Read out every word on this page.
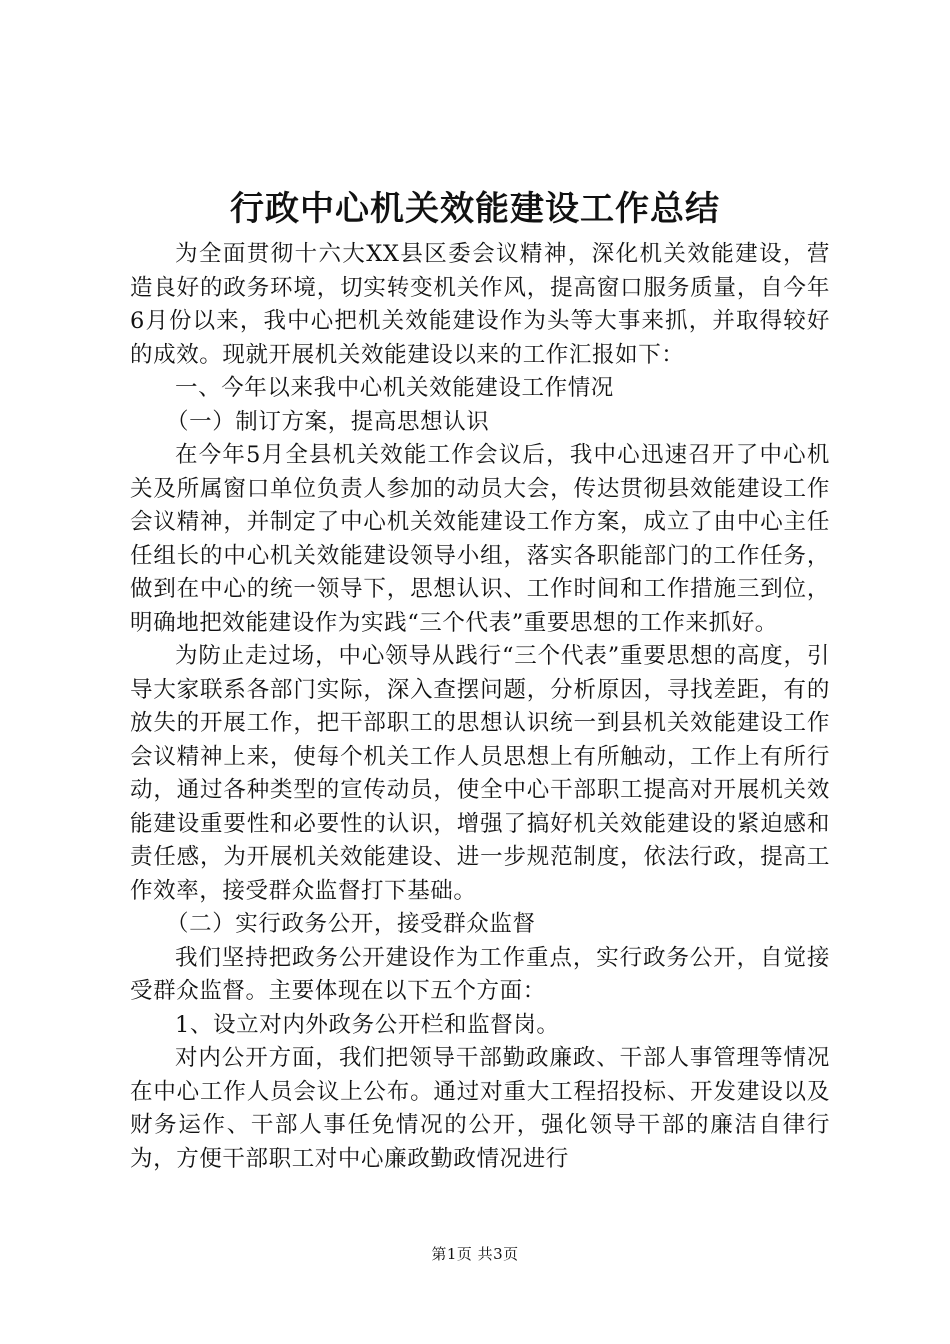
行政中心机关效能建设工作总结

为全面贯彻十六大XX县区委会议精神，深化机关效能建设，营造良好的政务环境，切实转变机关作风，提高窗口服务质量，自今年6月份以来，我中心把机关效能建设作为头等大事来抓，并取得较好的成效。现就开展机关效能建设以来的工作汇报如下：

一、今年以来我中心机关效能建设工作情况

（一）制订方案，提高思想认识

在今年5月全县机关效能工作会议后，我中心迅速召开了中心机关及所属窗口单位负责人参加的动员大会，传达贯彻县效能建设工作会议精神，并制定了中心机关效能建设工作方案，成立了由中心主任任组长的中心机关效能建设领导小组，落实各职能部门的工作任务，做到在中心的统一领导下，思想认识、工作时间和工作措施三到位，明确地把效能建设作为实践“三个代表”重要思想的工作来抓好。

为防止走过场，中心领导从践行“三个代表”重要思想的高度，引导大家联系各部门实际，深入查摆问题，分析原因，寻找差距，有的放失的开展工作，把干部职工的思想认识统一到县机关效能建设工作会议精神上来，使每个机关工作人员思想上有所触动，工作上有所行动，通过各种类型的宣传动员，使全中心干部职工提高对开展机关效能建设重要性和必要性的认识，增强了搞好机关效能建设的紧迫感和责任感，为开展机关效能建设、进一步规范制度，依法行政，提高工作效率，接受群众监督打下基础。

（二）实行政务公开，接受群众监督

我们坚持把政务公开建设作为工作重点，实行政务公开，自觉接受群众监督。主要体现在以下五个方面：

1、设立对内外政务公开栏和监督岗。

对内公开方面，我们把领导干部勤政廉政、干部人事管理等情况在中心工作人员会议上公布。通过对重大工程招投标、开发建设以及财务运作、干部人事任免情况的公开，强化领导干部的廉洁自律行为，方便干部职工对中心廉政勤政情况进行

第1页 共3页
